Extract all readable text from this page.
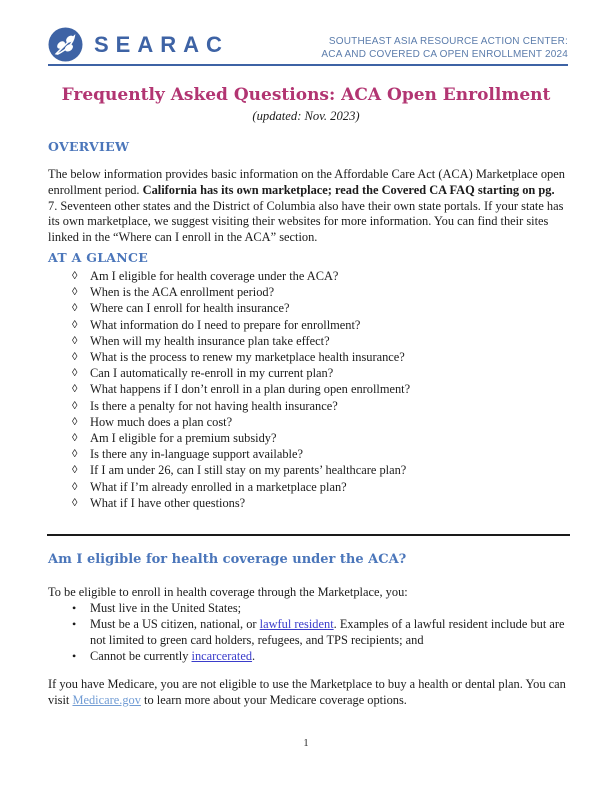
SEARAC	SOUTHEAST ASIA RESOURCE ACTION CENTER:
ACA AND COVERED CA OPEN ENROLLMENT 2024
Frequently Asked Questions: ACA Open Enrollment
(updated: Nov. 2023)
OVERVIEW

The below information provides basic information on the Affordable Care Act (ACA) Marketplace open enrollment period. California has its own marketplace; read the Covered CA FAQ starting on pg. 7. Seventeen other states and the District of Columbia also have their own state portals. If your state has its own marketplace, we suggest visiting their websites for more information. You can find their sites linked in the “Where can I enroll in the ACA” section.

AT A GLANCE
◊	Am I eligible for health coverage under the ACA?
◊	When is the ACA enrollment period?
◊	Where can I enroll for health insurance?
◊	What information do I need to prepare for enrollment?
◊	When will my health insurance plan take effect?
◊	What is the process to renew my marketplace health insurance?
◊	Can I automatically re-enroll in my current plan?
◊	What happens if I don’t enroll in a plan during open enrollment?
◊	Is there a penalty for not having health insurance?
◊	How much does a plan cost?
◊	Am I eligible for a premium subsidy?
◊	Is there any in-language support available?
◊	If I am under 26, can I still stay on my parents’ healthcare plan?
◊	What if I’m already enrolled in a marketplace plan?
◊	What if I have other questions?
Am I eligible for health coverage under the ACA?

To be eligible to enroll in health coverage through the Marketplace, you:

•	Must live in the United States;
•	Must be a US citizen, national, or lawful resident. Examples of a lawful resident include but are not limited to green card holders, refugees, and TPS recipients; and
•	Cannot be currently incarcerated.

If you have Medicare, you are not eligible to use the Marketplace to buy a health or dental plan. You can visit Medicare.gov to learn more about your Medicare coverage options.

1
